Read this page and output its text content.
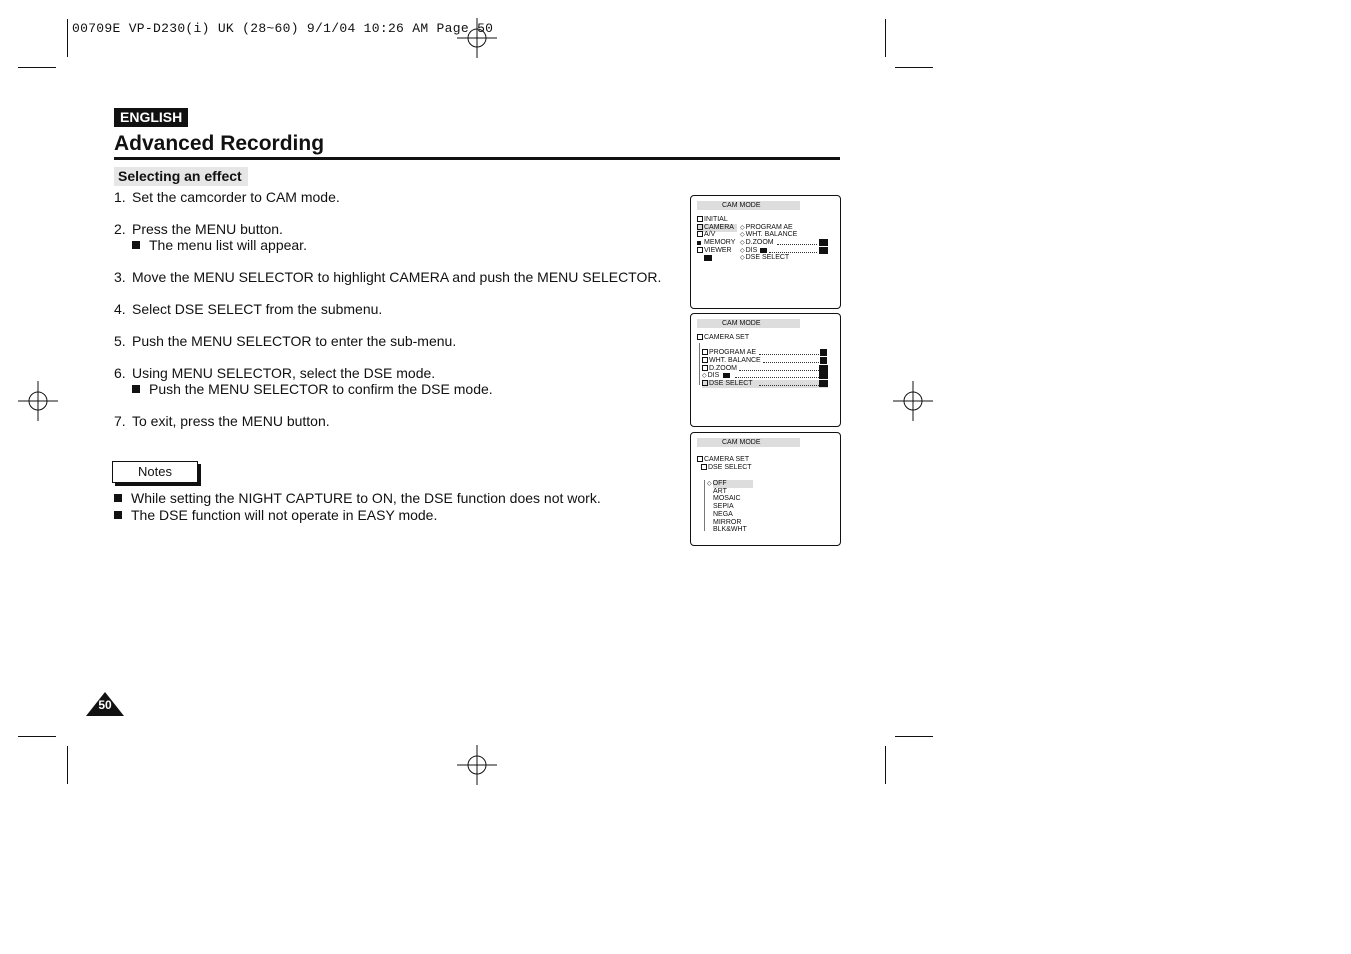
00709E VP-D230(i) UK (28~60) 9/1/04 10:26 AM Page 50
ENGLISH
Advanced Recording
Selecting an effect
1. Set the camcorder to CAM mode.
2. Press the MENU button.
The menu list will appear.
3. Move the MENU SELECTOR to highlight CAMERA and push the MENU SELECTOR.
4. Select DSE SELECT from the submenu.
5. Push the MENU SELECTOR to enter the sub-menu.
6. Using MENU SELECTOR, select the DSE mode.
Push the MENU SELECTOR to confirm the DSE mode.
7. To exit, press the MENU button.
Notes
While setting the NIGHT CAPTURE to ON, the DSE function does not work.
The DSE function will not operate in EASY mode.
50
CAM MODE
INITIAL
CAMERA
A/V
MEMORY
VIEWER
◇PROGRAM AE
◇WHT. BALANCE
◇D.ZOOM
◇DIS
◇DSE SELECT
CAM MODE
CAMERA SET
PROGRAM AE
WHT. BALANCE
D.ZOOM
◇DIS
DSE SELECT
CAM MODE
CAMERA SET
DSE SELECT
◇OFF
ART
MOSAIC
SEPIA
NEGA
MIRROR
BLK&WHT
